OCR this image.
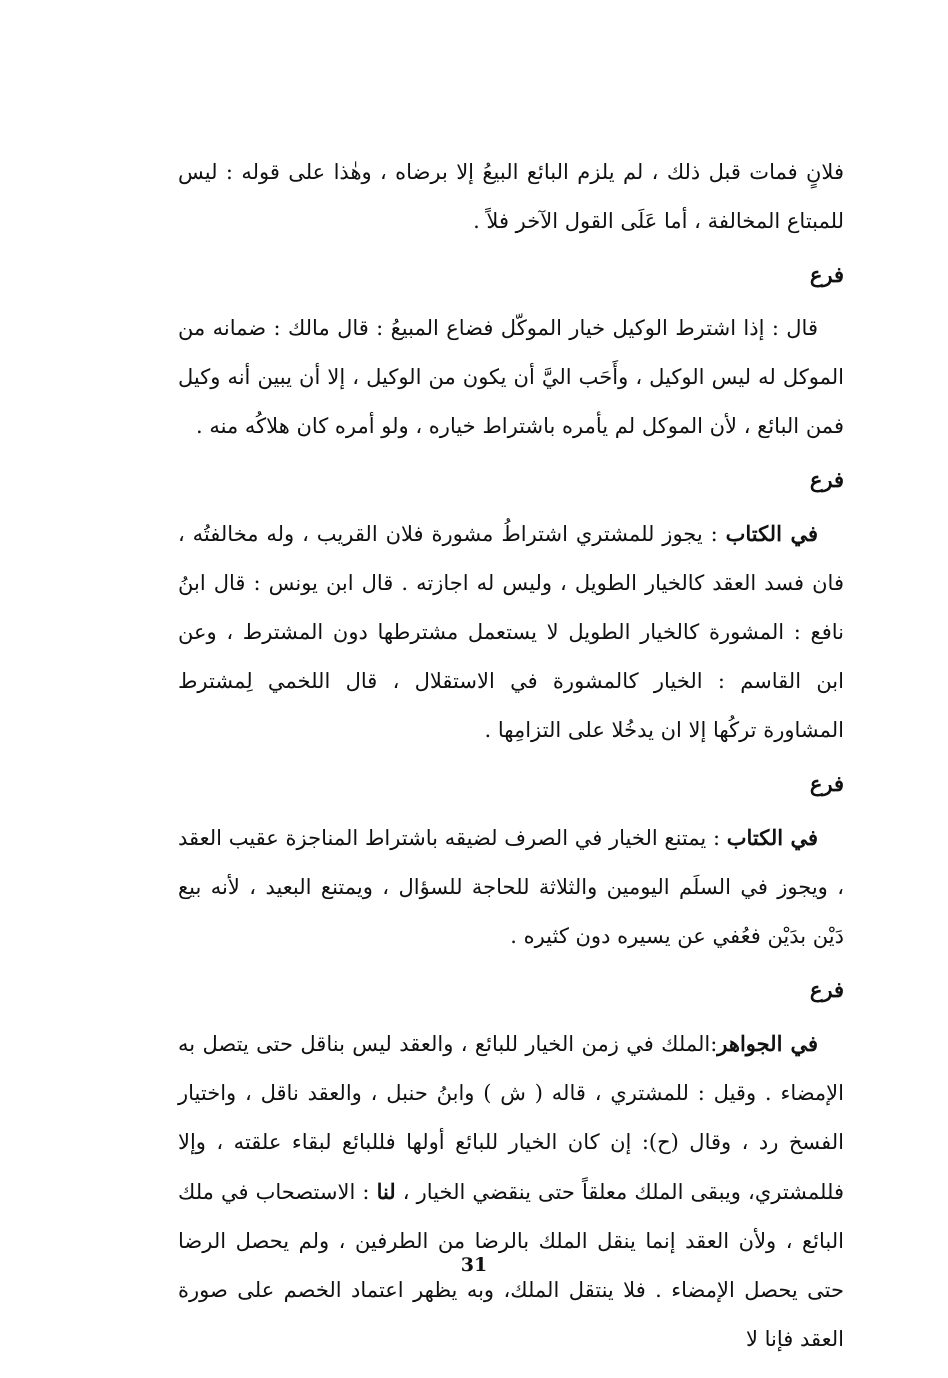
فلانٍ فمات قبل ذلك ، لم يلزم البائع البيعُ إلا برضاه ، وهٰذا على قوله : ليس للمبتاع المخالفة ، أما عَلَى القول الآخر فلاً .

فرع

قال : إذا اشترط الوكيل خيار الموكّل فضاع المبيعُ : قال مالك : ضمانه من الموكل له ليس الوكيل ، وأَحَب اليَّ أن يكون من الوكيل ، إلا أن يبين أنه وكيل فمن البائع ، لأن الموكل لم يأمره باشتراط خياره ، ولو أمره كان هلاكُه منه .

فرع

في الكتاب : يجوز للمشتري اشتراطُ مشورة فلان القريب ، وله مخالفتُه ، فان فسد العقد كالخيار الطويل ، وليس له اجازته . قال ابن يونس : قال ابنُ نافع : المشورة كالخيار الطويل لا يستعمل مشترطها دون المشترط ، وعن ابن القاسم : الخيار كالمشورة في الاستقلال ، قال اللخمي لِمشترط المشاورة تركُها إلا ان يدخُلا على التزامِها .

فرع

في الكتاب : يمتنع الخيار في الصرف لضيقه باشتراط المناجزة عقيب العقد ، ويجوز في السلَم اليومين والثلاثة للحاجة للسؤال ، ويمتنع البعيد ، لأنه بيع دَيْن بدَيْن فعُفي عن يسيره دون كثيره .

فرع

في الجواهر:الملك في زمن الخيار للبائع ، والعقد ليس بناقل حتى يتصل به الإمضاء . وقيل : للمشتري ، قاله ( ش ) وابنُ حنبل ، والعقد ناقل ، واختيار الفسخ رد ، وقال (ح): إن كان الخيار للبائع أولها فللبائع لبقاء علقته ، وإلا فللمشتري، ويبقى الملك معلقاً حتى ينقضي الخيار ، لنا : الاستصحاب في ملك البائع ، ولأن العقد إنما ينقل الملك بالرضا من الطرفين ، ولم يحصل الرضا حتى يحصل الإمضاء . فلا ينتقل الملك، وبه يظهر اعتماد الخصم على صورة العقد فإنا لا

31
